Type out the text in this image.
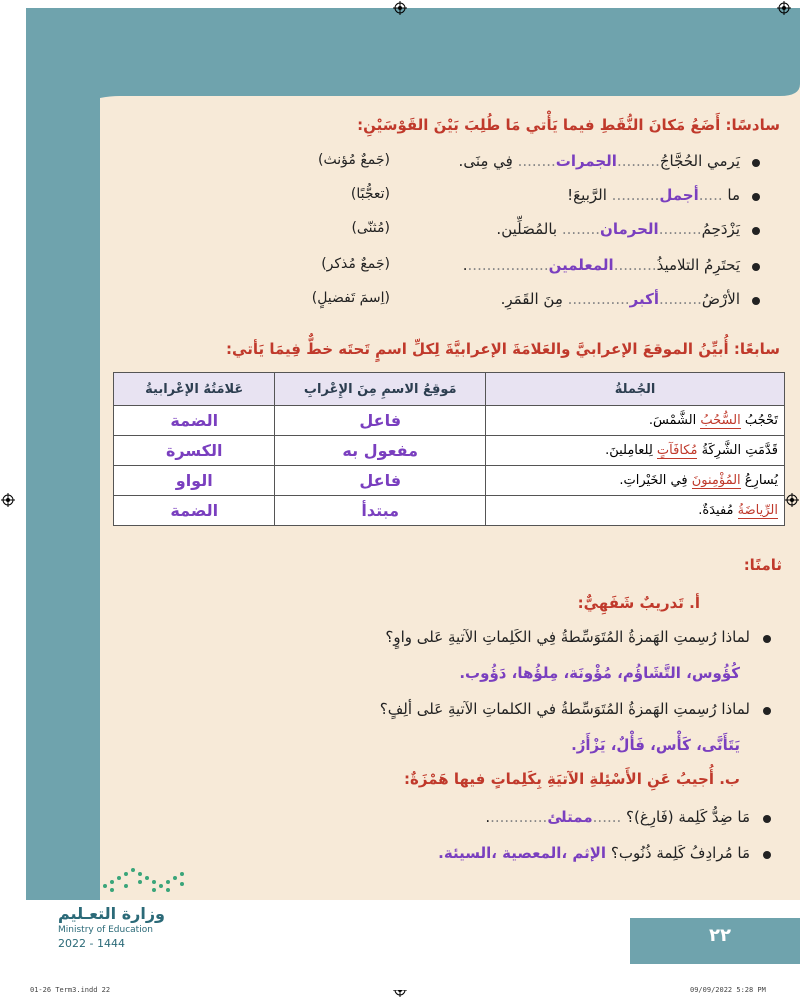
سادسًا: أَضَعُ مَكانَ النُّقَطِ فيما يَأْتي مَا طُلِبَ بَيْنَ القَوْسَيْنِ:
يَرمي الحُجَّاجُ.........الجمرات........ فِي مِنَى.
(جَمعٌ مُؤنث)
ما .....أجمل.......... الرَّبيعَ!
(تعجُّبًا)
يَزْدَحِمُ.........الحرمان........ بالمُصَلِّين.
(مُثنّى)
يَحتَرِمُ التلاميذُ.........المعلمين..................
(جَمعٌ مُذكر)
الأرْضُ.........أكبر............. مِنَ القَمَرِ.
(اِسمَ تَفضيلٍ)
سابعًا: أُبيِّنُ الموقعَ الإعرابيَّ والعَلامَةَ الإعرابيَّةَ لِكلِّ اسمٍ تَحتَه خطٌّ فِيمَا يَأتي:
الجُملةُ	مَوقِعُ الاسمِ مِنَ الإِعْرابِ	عَلامَتُهُ الإعْرابيةُ
تَحْجُبُ السُّحُبُ الشَّمْسَ.	فاعل	الضمة
قَدَّمَتِ الشَّرِكَةُ مُكافَآتٍ لِلعامِلينَ.	مفعول به	الكسرة
يُسارِعُ المُؤْمِنونَ فِي الخَيْراتِ.	فاعل	الواو
الرِّياضَةُ مُفيدَةٌ.	مبتدأ	الضمة
ثامنًا:
أ. تَدريبٌ شَفَهِيٌّ:
لماذا رُسِمتِ الهَمزةُ المُتَوَسِّطةُ فِي الكَلِماتِ الآتيةِ عَلى واوٍ؟
كُؤُوس، التَّشَاؤُم، مُؤْونَة، مِلؤُها، دَؤُوب.
لماذا رُسِمتِ الهَمزةُ المُتَوَسِّطةُ في الكلماتِ الآتيةِ عَلى ألِفٍ؟
يَتَأَنَّى، كَأْس، فَأْلٌ، يَزْأَرُ.
ب. أُجيبُ عَنِ الأَسْئِلةِ الآتيَةِ بِكَلِماتٍ فيها هَمْزَةٌ:
مَا ضِدُّ كَلِمة (فَارِغ)؟ ......ممتلئ.............
مَا مُرادِفُ كَلِمة ذُنُوب؟ الإثم ،المعصية ،السيئة.
٢٢
وزارة التعـليم
Ministry of Education
2022 - 1444
01-26 Term3.indd 22	09/09/2022 5:28 PM
